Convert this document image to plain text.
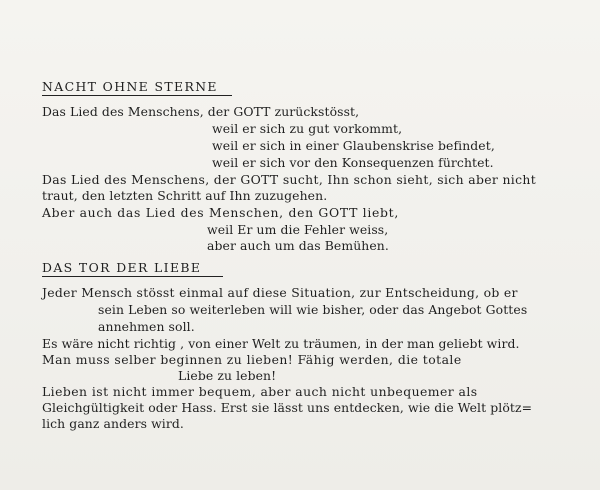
NACHT OHNE STERNE
Das Lied des Menschens, der GOTT zurückstösst,
weil er sich zu gut vorkommt,
weil er sich in einer Glaubenskrise befindet,
weil er sich vor den Konsequenzen fürchtet.
Das Lied des Menschens, der GOTT sucht, Ihn schon sieht, sich aber nicht
traut, den letzten Schritt auf Ihn zuzugehen.
Aber auch das Lied des Menschen, den GOTT liebt,
weil Er um die Fehler weiss,
aber auch um das Bemühen.
DAS TOR DER LIEBE
Jeder Mensch stösst einmal auf diese Situation, zur Entscheidung, ob er
sein Leben so weiterleben will wie bisher, oder das Angebot Gottes
annehmen soll.
Es wäre nicht richtig , von einer Welt zu träumen, in der man geliebt wird.
Man muss selber beginnen zu lieben! Fähig werden, die totale
Liebe zu leben!
Lieben ist nicht immer bequem, aber auch nicht unbequemer als
Gleichgültigkeit oder Hass. Erst sie lässt uns entdecken, wie die Welt plötz=
lich ganz anders wird.
